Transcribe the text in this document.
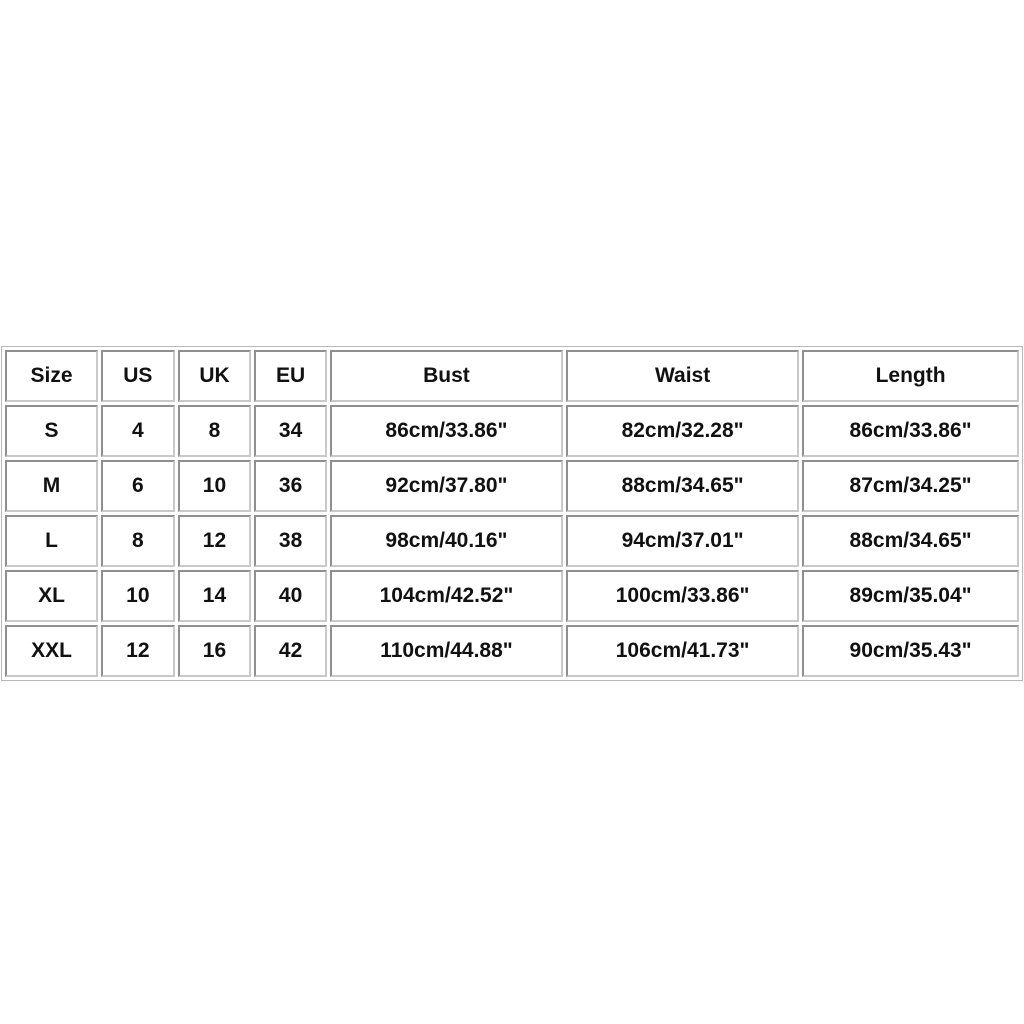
Size	US	UK	EU	Bust	Waist	Length
S	4	8	34	86cm/33.86"	82cm/32.28"	86cm/33.86"
M	6	10	36	92cm/37.80"	88cm/34.65"	87cm/34.25"
L	8	12	38	98cm/40.16"	94cm/37.01"	88cm/34.65"
XL	10	14	40	104cm/42.52"	100cm/33.86"	89cm/35.04"
XXL	12	16	42	110cm/44.88"	106cm/41.73"	90cm/35.43"
